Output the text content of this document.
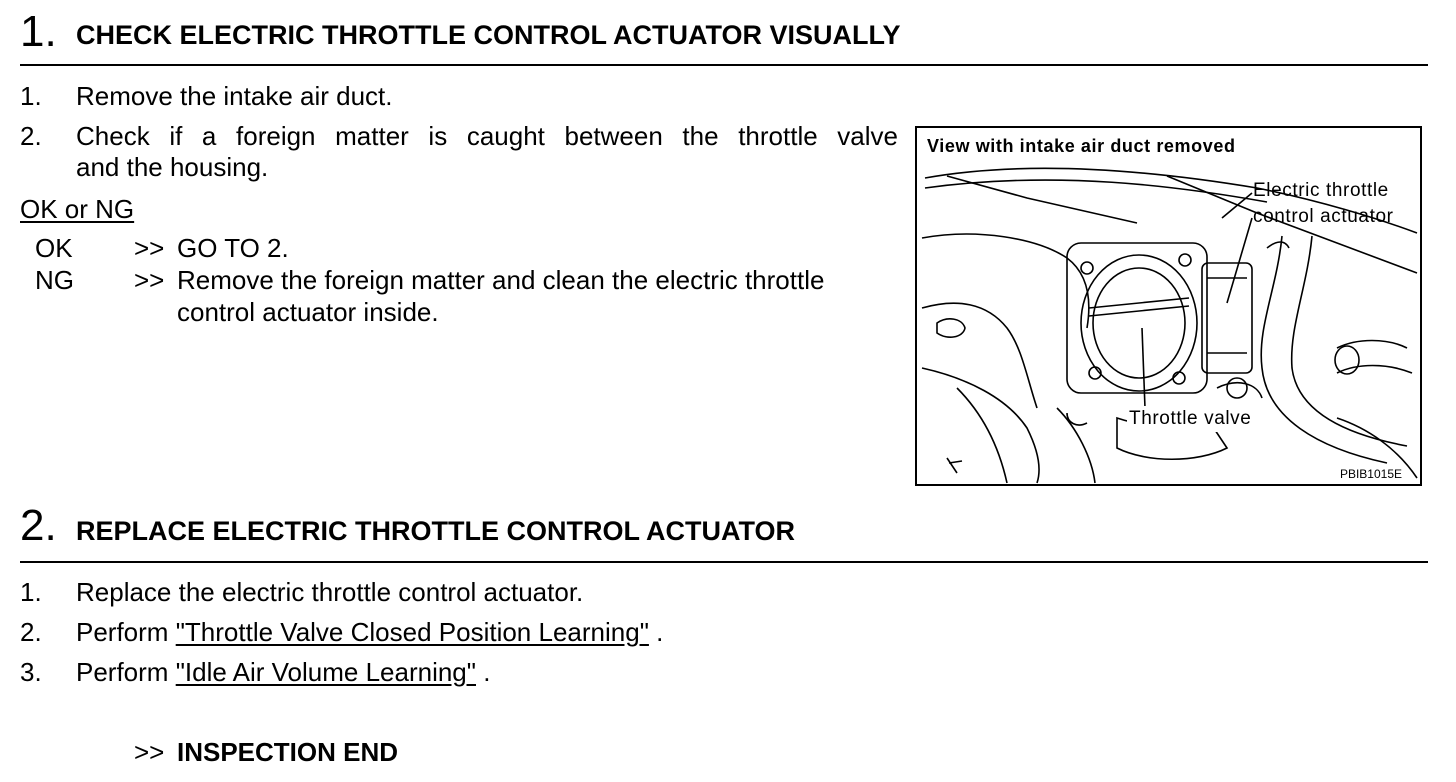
1. CHECK ELECTRIC THROTTLE CONTROL ACTUATOR VISUALLY
1. Remove the intake air duct.
2. Check if a foreign matter is caught between the throttle valve
and the housing.
OK or NG
OK >> GO TO 2.
NG >> Remove the foreign matter and clean the electric throttle
control actuator inside.
View with intake air duct removed
Electric throttle
control actuator
Throttle valve
PBIB1015E
2. REPLACE ELECTRIC THROTTLE CONTROL ACTUATOR
1. Replace the electric throttle control actuator.
2. Perform "Throttle Valve Closed Position Learning" .
3. Perform "Idle Air Volume Learning" .
>> INSPECTION END
